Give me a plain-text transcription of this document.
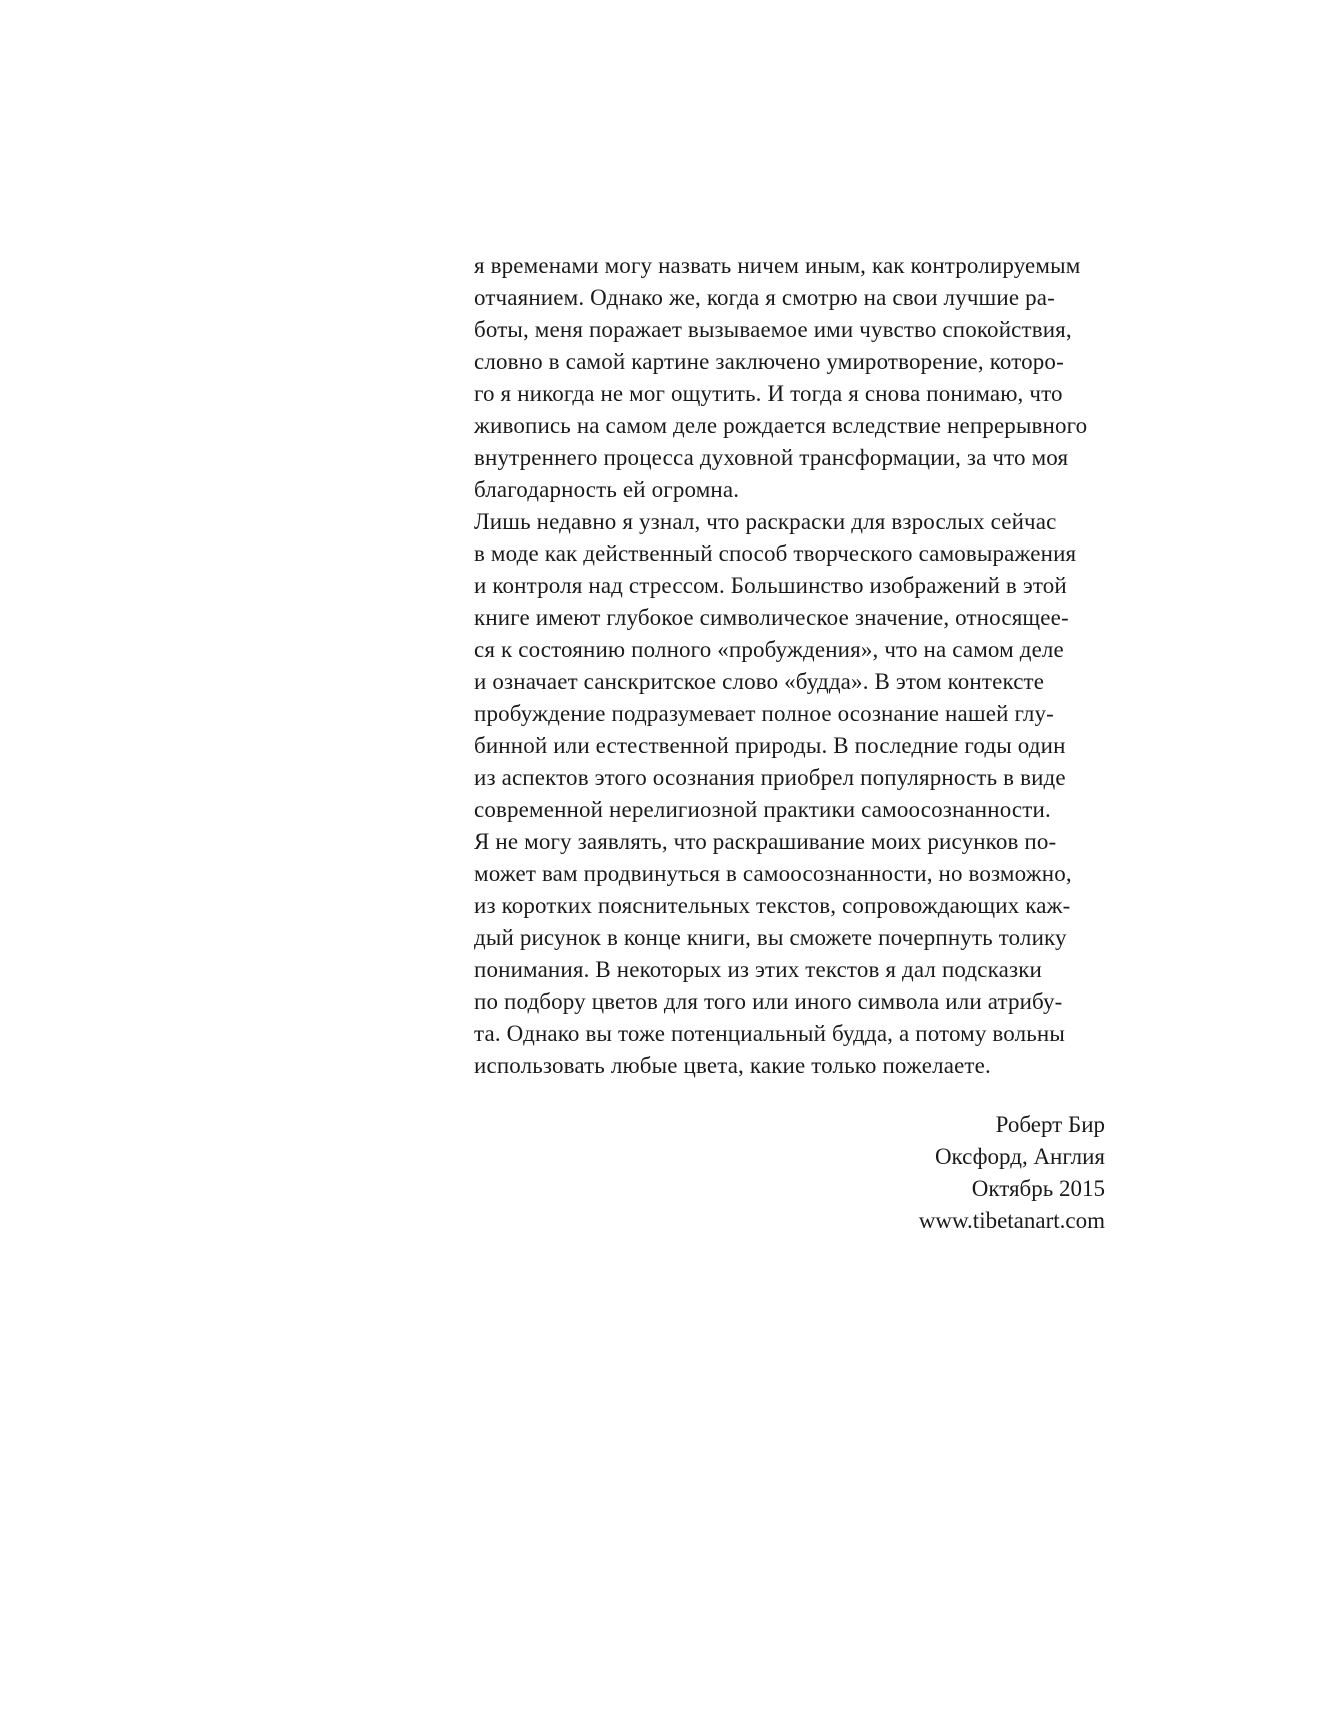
я временами могу назвать ничем иным, как контролируемым
отчаянием. Однако же, когда я смотрю на свои лучшие ра-
боты, меня поражает вызываемое ими чувство спокойствия,
словно в самой картине заключено умиротворение, которо-
го я никогда не мог ощутить. И тогда я снова понимаю, что
живопись на самом деле рождается вследствие непрерывного
внутреннего процесса духовной трансформации, за что моя
благодарность ей огромна.
Лишь недавно я узнал, что раскраски для взрослых сейчас
в моде как действенный способ творческого самовыражения
и контроля над стрессом. Большинство изображений в этой
книге имеют глубокое символическое значение, относящее-
ся к состоянию полного «пробуждения», что на самом деле
и означает санскритское слово «будда». В этом контексте
пробуждение подразумевает полное осознание нашей глу-
бинной или естественной природы. В последние годы один
из аспектов этого осознания приобрел популярность в виде
современной нерелигиозной практики самоосознанности.
Я не могу заявлять, что раскрашивание моих рисунков по-
может вам продвинуться в самоосознанности, но возможно,
из коротких пояснительных текстов, сопровождающих каж-
дый рисунок в конце книги, вы сможете почерпнуть толику
понимания. В некоторых из этих текстов я дал подсказки
по подбору цветов для того или иного символа или атрибу-
та. Однако вы тоже потенциальный будда, а потому вольны
использовать любые цвета, какие только пожелаете.
Роберт Бир
Оксфорд, Англия
Октябрь 2015
www.tibetanart.com
